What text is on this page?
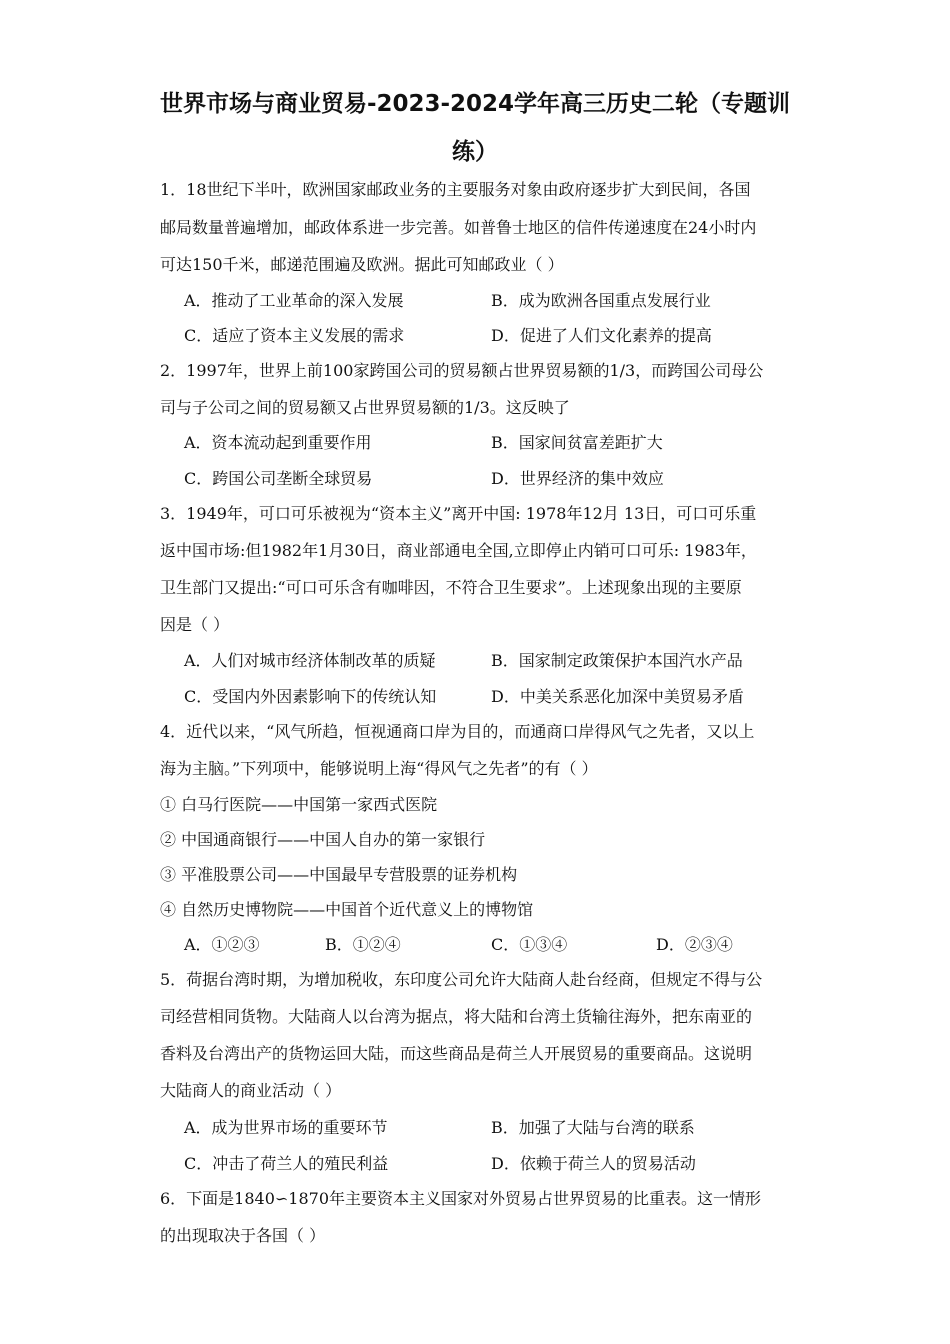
世界市场与商业贸易-2023-2024学年高三历史二轮（专题训
练）
1．18世纪下半叶，欧洲国家邮政业务的主要服务对象由政府逐步扩大到民间，各国
邮局数量普遍增加，邮政体系进一步完善。如普鲁士地区的信件传递速度在24小时内
可达150千米，邮递范围遍及欧洲。据此可知邮政业（ ）
A．推动了工业革命的深入发展	B．成为欧洲各国重点发展行业
C．适应了资本主义发展的需求	D．促进了人们文化素养的提高
2．1997年，世界上前100家跨国公司的贸易额占世界贸易额的1/3，而跨国公司母公
司与子公司之间的贸易额又占世界贸易额的1/3。这反映了
A．资本流动起到重要作用	B．国家间贫富差距扩大
C．跨国公司垄断全球贸易	D．世界经济的集中效应
3．1949年，可口可乐被视为“资本主义”离开中国: 1978年12月 13日，可口可乐重
返中国市场:但1982年1月30日，商业部通电全国,立即停止内销可口可乐: 1983年，
卫生部门又提出:“可口可乐含有咖啡因，不符合卫生要求”。上述现象出现的主要原
因是（ ）
A．人们对城市经济体制改革的质疑	B．国家制定政策保护本国汽水产品
C．受国内外因素影响下的传统认知	D．中美关系恶化加深中美贸易矛盾
4．近代以来，“风气所趋，恒视通商口岸为目的，而通商口岸得风气之先者，又以上
海为主脑。”下列项中，能够说明上海“得风气之先者”的有（ ）
① 白马行医院——中国第一家西式医院
② 中国通商银行——中国人自办的第一家银行
③ 平准股票公司——中国最早专营股票的证券机构
④ 自然历史博物院——中国首个近代意义上的博物馆
A．①②③	B．①②④	C．①③④	D．②③④
5．荷据台湾时期，为增加税收，东印度公司允许大陆商人赴台经商，但规定不得与公
司经营相同货物。大陆商人以台湾为据点，将大陆和台湾土货输往海外，把东南亚的
香料及台湾出产的货物运回大陆，而这些商品是荷兰人开展贸易的重要商品。这说明
大陆商人的商业活动（ ）
A．成为世界市场的重要环节	B．加强了大陆与台湾的联系
C．冲击了荷兰人的殖民利益	D．依赖于荷兰人的贸易活动
6．下面是1840∽1870年主要资本主义国家对外贸易占世界贸易的比重表。这一情形
的出现取决于各国（ ）
